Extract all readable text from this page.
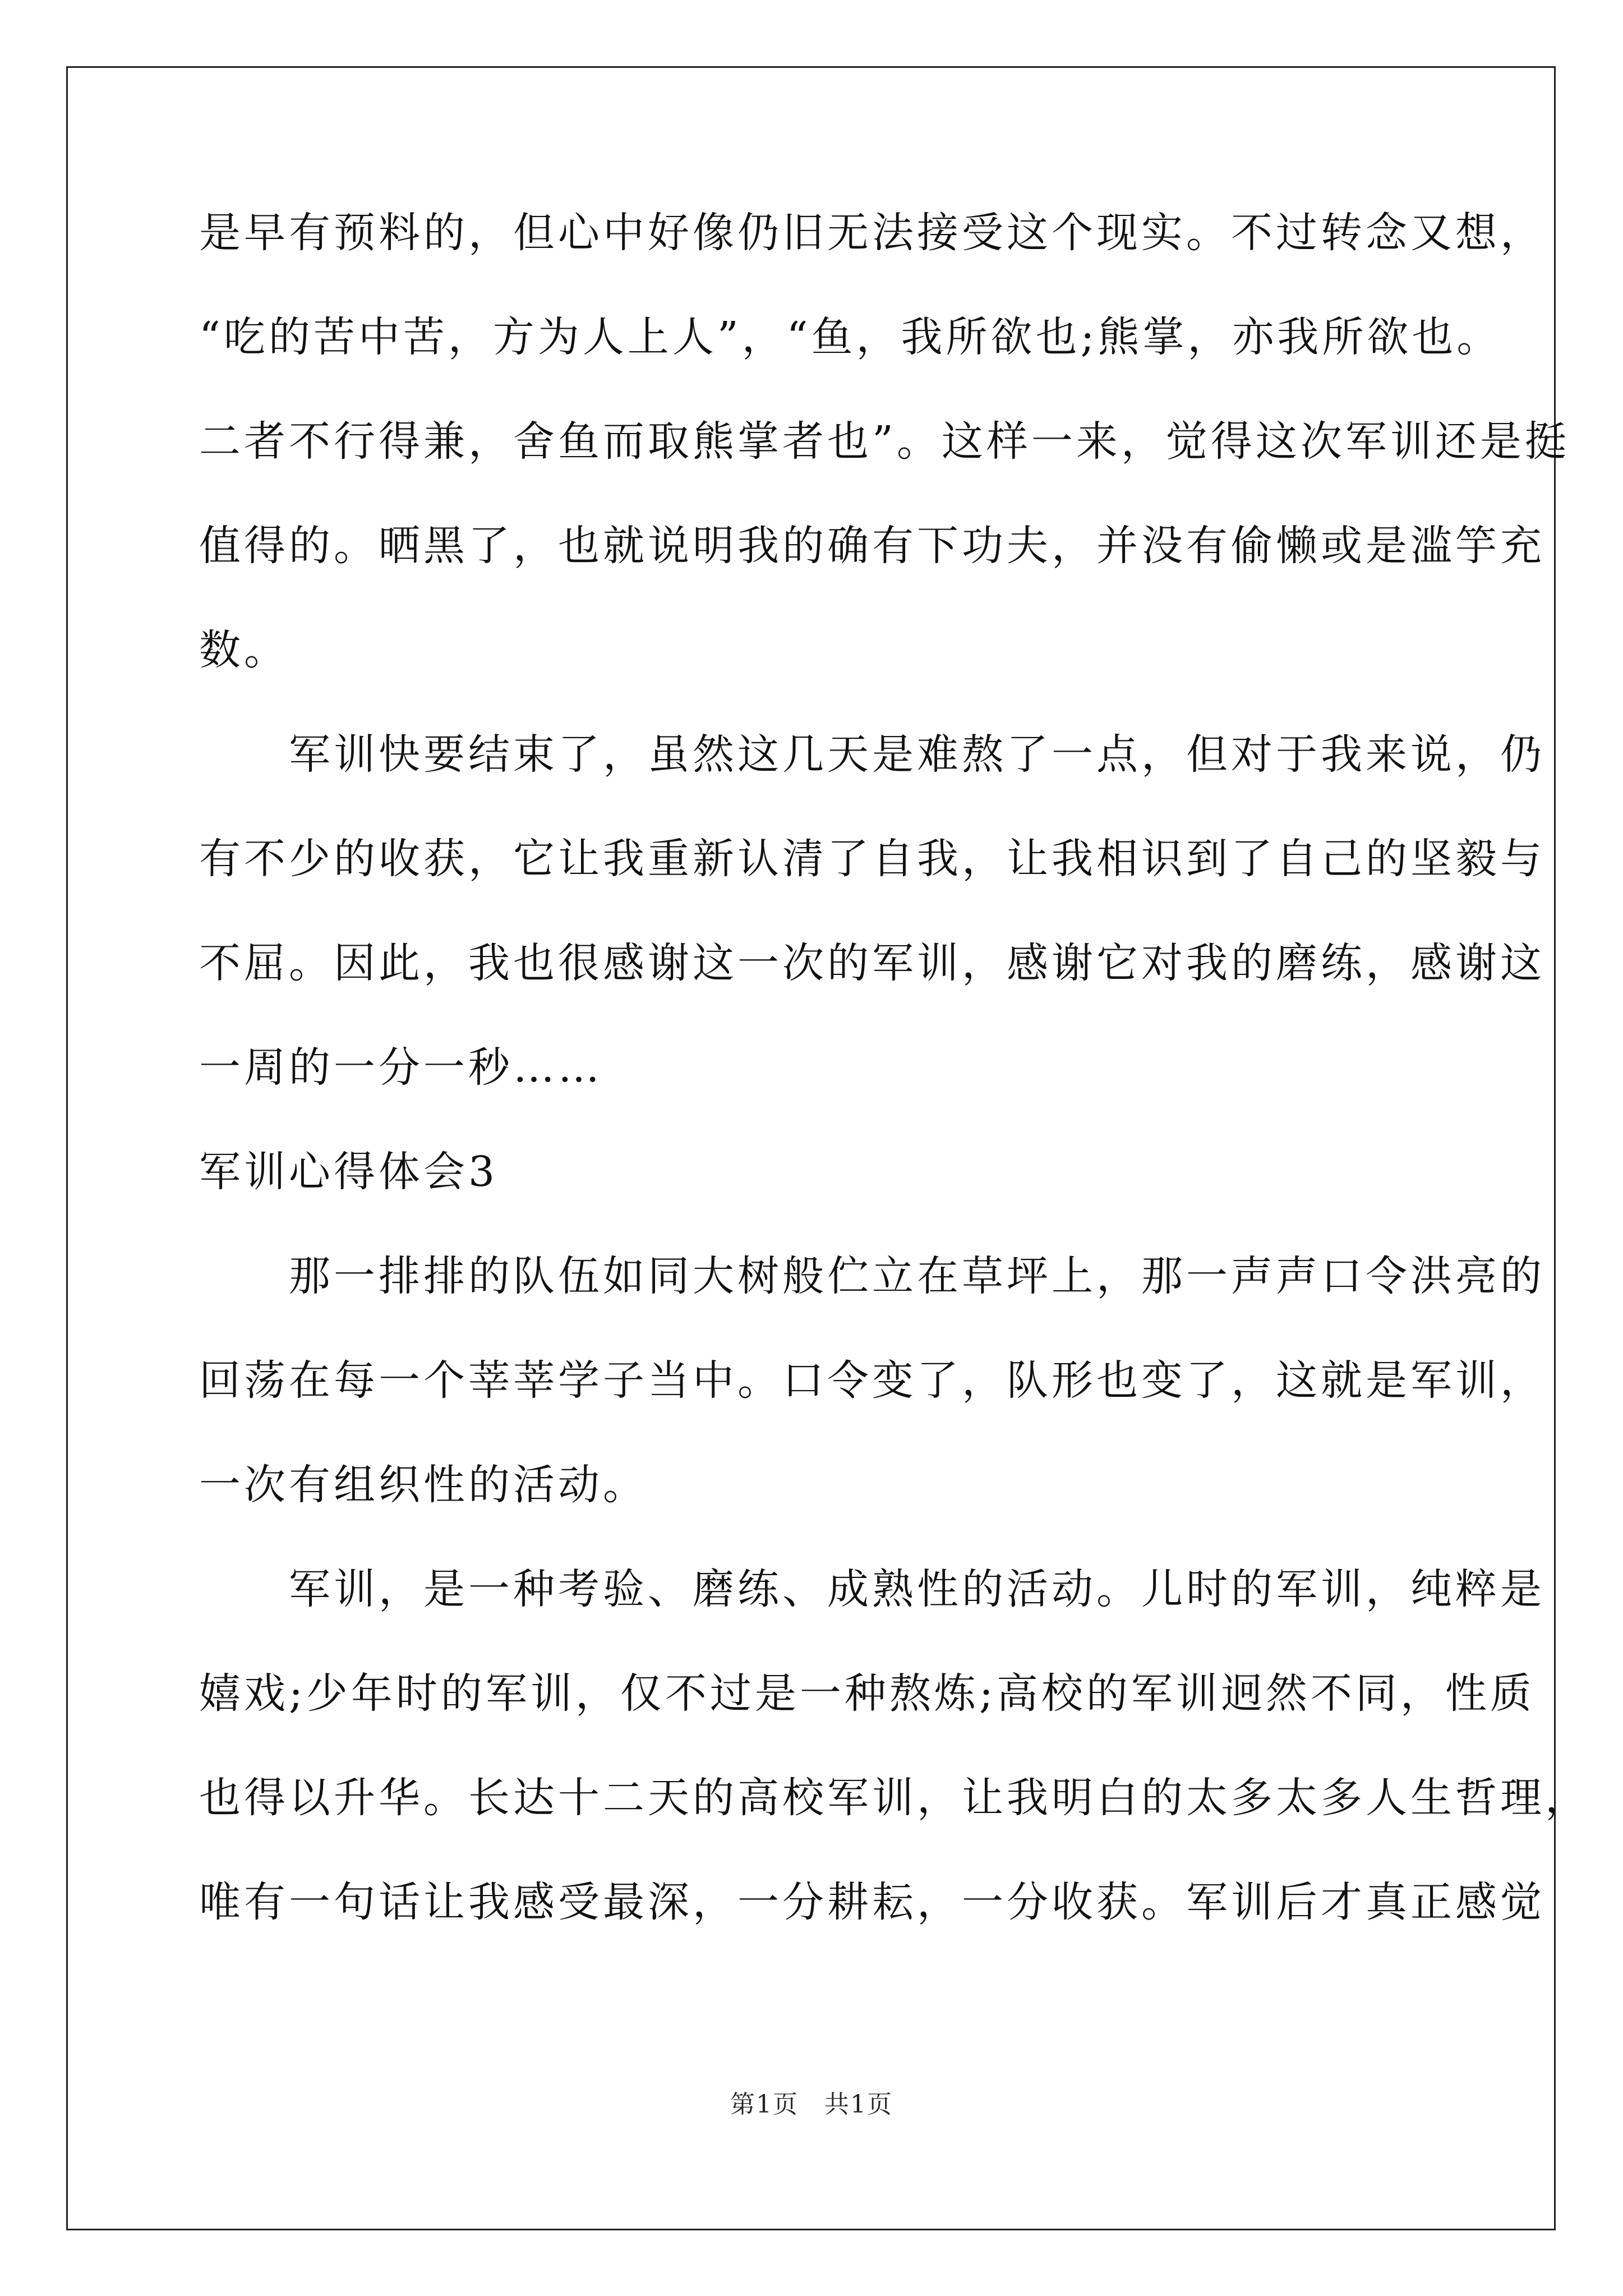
是早有预料的，但心中好像仍旧无法接受这个现实。不过转念又想，
“吃的苦中苦，方为人上人”，“鱼，我所欲也;熊掌，亦我所欲也。
二者不行得兼，舍鱼而取熊掌者也”。这样一来，觉得这次军训还是挺
值得的。晒黑了，也就说明我的确有下功夫，并没有偷懒或是滥竽充
数。
　　军训快要结束了，虽然这几天是难熬了一点，但对于我来说，仍
有不少的收获，它让我重新认清了自我，让我相识到了自己的坚毅与
不屈。因此，我也很感谢这一次的军训，感谢它对我的磨练，感谢这
一周的一分一秒……
军训心得体会3
　　那一排排的队伍如同大树般伫立在草坪上，那一声声口令洪亮的
回荡在每一个莘莘学子当中。口令变了，队形也变了，这就是军训，
一次有组织性的活动。
　　军训，是一种考验、磨练、成熟性的活动。儿时的军训，纯粹是
嬉戏;少年时的军训，仅不过是一种熬炼;高校的军训迥然不同，性质
也得以升华。长达十二天的高校军训，让我明白的太多太多人生哲理，
唯有一句话让我感受最深，一分耕耘，一分收获。军训后才真正感觉
第1页　共1页
